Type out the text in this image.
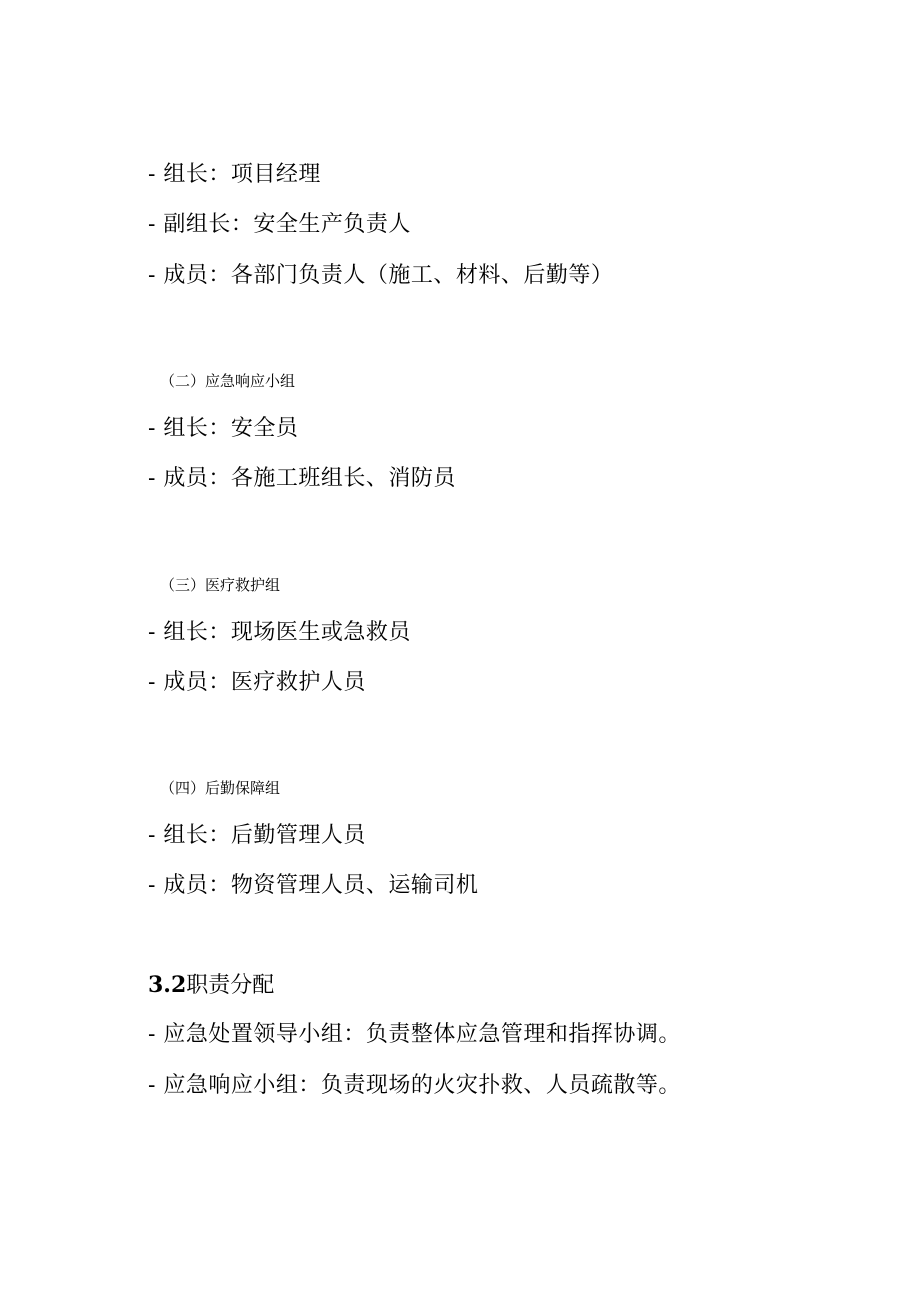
- 组长：项目经理
- 副组长：安全生产负责人
- 成员：各部门负责人（施工、材料、后勤等）
（二）应急响应小组
- 组长：安全员
- 成员：各施工班组长、消防员
（三）医疗救护组
- 组长：现场医生或急救员
- 成员：医疗救护人员
（四）后勤保障组
- 组长：后勤管理人员
- 成员：物资管理人员、运输司机
3.2职责分配
- 应急处置领导小组：负责整体应急管理和指挥协调。
- 应急响应小组：负责现场的火灾扑救、人员疏散等。
